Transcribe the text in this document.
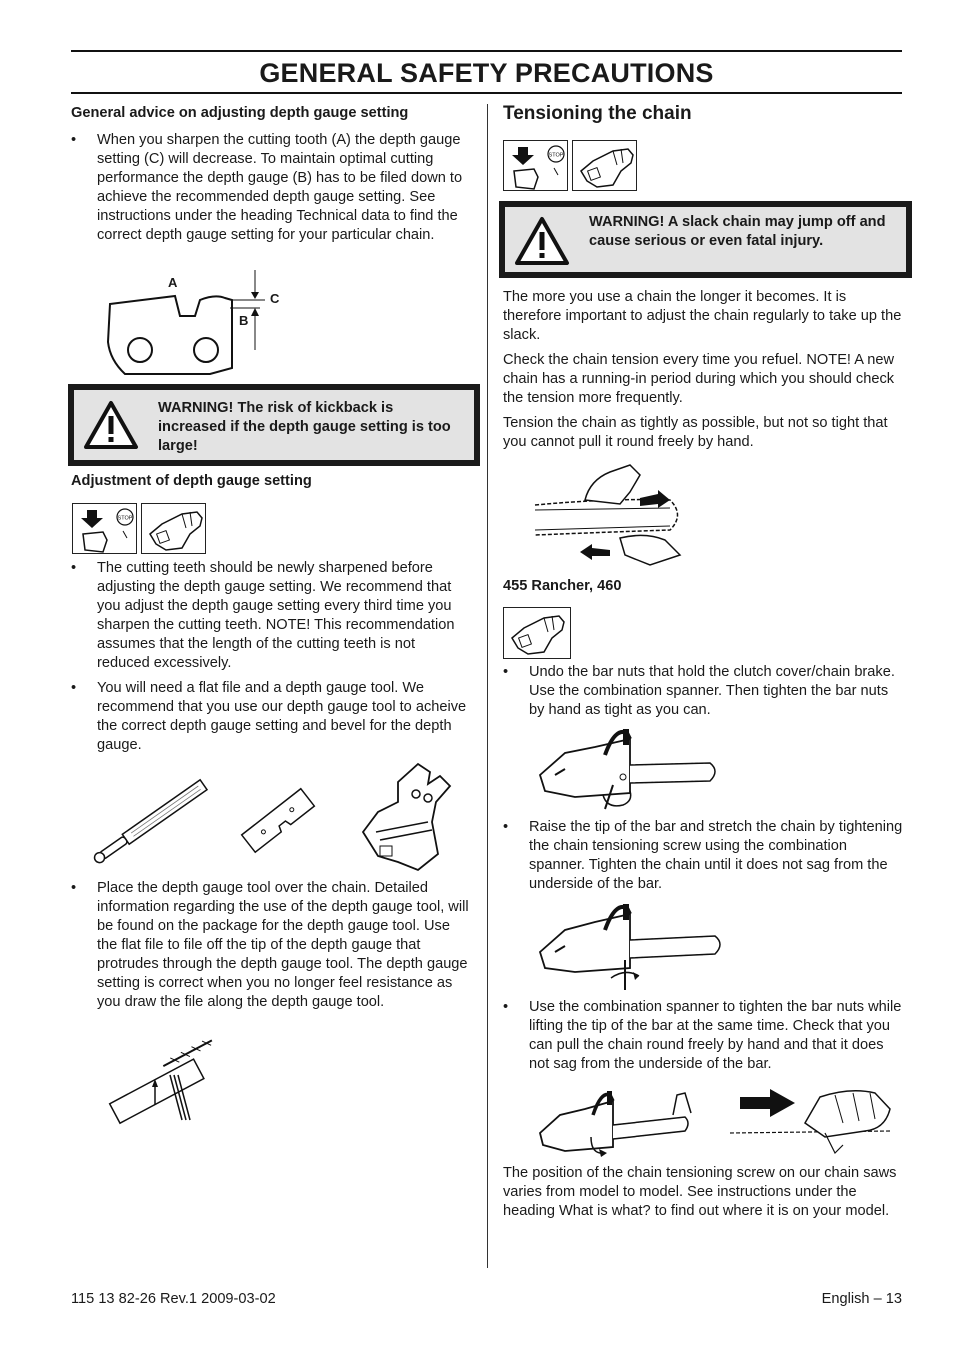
GENERAL SAFETY PRECAUTIONS
General advice on adjusting depth gauge setting
• When you sharpen the cutting tooth (A) the depth gauge setting (C) will decrease. To maintain optimal cutting performance the depth gauge (B) has to be filed down to achieve the recommended depth gauge setting. See instructions under the heading Technical data to find the correct depth gauge setting for your particular chain.
A
C
B
WARNING! The risk of kickback is increased if the depth gauge setting is too large!
Adjustment of depth gauge setting
STOP
• The cutting teeth should be newly sharpened before adjusting the depth gauge setting. We recommend that you adjust the depth gauge setting every third time you sharpen the cutting teeth. NOTE! This recommendation assumes that the length of the cutting teeth is not reduced excessively.
• You will need a flat file and a depth gauge tool. We recommend that you use our depth gauge tool to acheive the correct depth gauge setting and bevel for the depth gauge.
• Place the depth gauge tool over the chain. Detailed information regarding the use of the depth gauge tool, will be found on the package for the depth gauge tool. Use the flat file to file off the tip of the depth gauge that protrudes through the depth gauge tool. The depth gauge setting is correct when you no longer feel resistance as you draw the file along the depth gauge tool.
Tensioning the chain
STOP
WARNING! A slack chain may jump off and cause serious or even fatal injury.
The more you use a chain the longer it becomes. It is therefore important to adjust the chain regularly to take up the slack.
Check the chain tension every time you refuel. NOTE! A new chain has a running-in period during which you should check the tension more frequently.
Tension the chain as tightly as possible, but not so tight that you cannot pull it round freely by hand.
455 Rancher, 460
• Undo the bar nuts that hold the clutch cover/chain brake. Use the combination spanner. Then tighten the bar nuts by hand as tight as you can.
• Raise the tip of the bar and stretch the chain by tightening the chain tensioning screw using the combination spanner. Tighten the chain until it does not sag from the underside of the bar.
• Use the combination spanner to tighten the bar nuts while lifting the tip of the bar at the same time. Check that you can pull the chain round freely by hand and that it does not sag from the underside of the bar.
The position of the chain tensioning screw on our chain saws varies from model to model. See instructions under the heading What is what? to find out where it is on your model.
115 13 82-26 Rev.1 2009-03-02	English – 13
